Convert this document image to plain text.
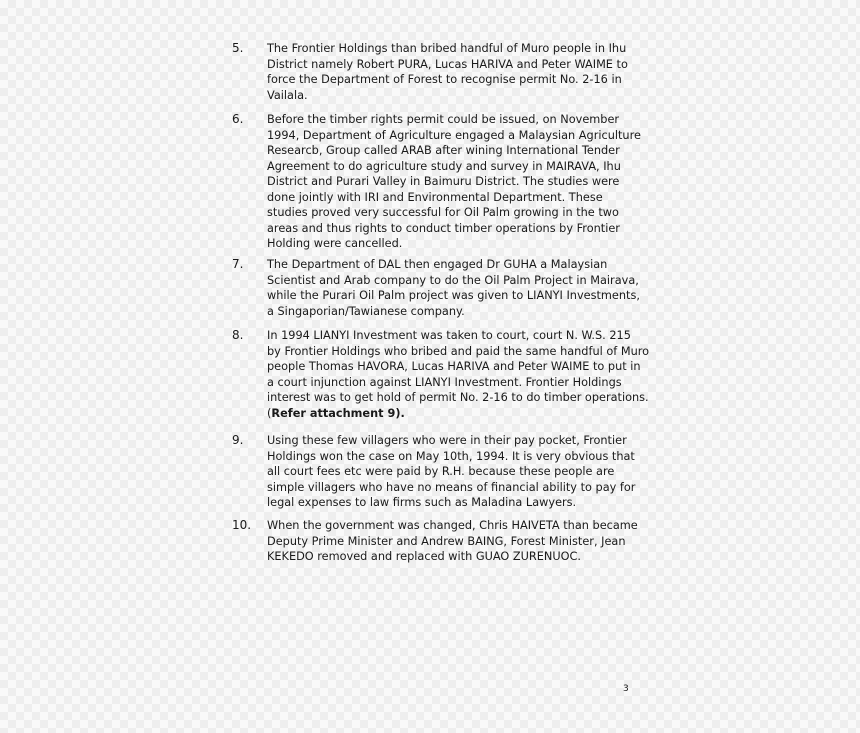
5. The Frontier Holdings than bribed handful of Muro people in Ihu
District namely Robert PURA, Lucas HARIVA and Peter WAIME to
force the Department of Forest to recognise permit No. 2-16 in
Vailala.
6. Before the timber rights permit could be issued, on November
1994, Department of Agriculture engaged a Malaysian Agriculture
Researcb, Group called ARAB after wining International Tender
Agreement to do agriculture study and survey in MAIRAVA, Ihu
District and Purari Valley in Baimuru District. The studies were
done jointly with IRI and Environmental Department. These
studies proved very successful for Oil Palm growing in the two
areas and thus rights to conduct timber operations by Frontier
Holding were cancelled.
7. The Department of DAL then engaged Dr GUHA a Malaysian
Scientist and Arab company to do the Oil Palm Project in Mairava,
while the Purari Oil Palm project was given to LIANYI Investments,
a Singaporian/Tawianese company.
8. In 1994 LIANYI Investment was taken to court, court N. W.S. 215
by Frontier Holdings who bribed and paid the same handful of Muro
people Thomas HAVORA, Lucas HARIVA and Peter WAIME to put in
a court injunction against LIANYI Investment. Frontier Holdings
interest was to get hold of permit No. 2-16 to do timber operations.
(Refer attachment 9).
9. Using these few villagers who were in their pay pocket, Frontier
Holdings won the case on May 10th, 1994. It is very obvious that
all court fees etc were paid by R.H. because these people are
simple villagers who have no means of financial ability to pay for
legal expenses to law firms such as Maladina Lawyers.
10. When the government was changed, Chris HAIVETA than became
Deputy Prime Minister and Andrew BAING, Forest Minister, Jean
KEKEDO removed and replaced with GUAO ZURENUOC.
3
